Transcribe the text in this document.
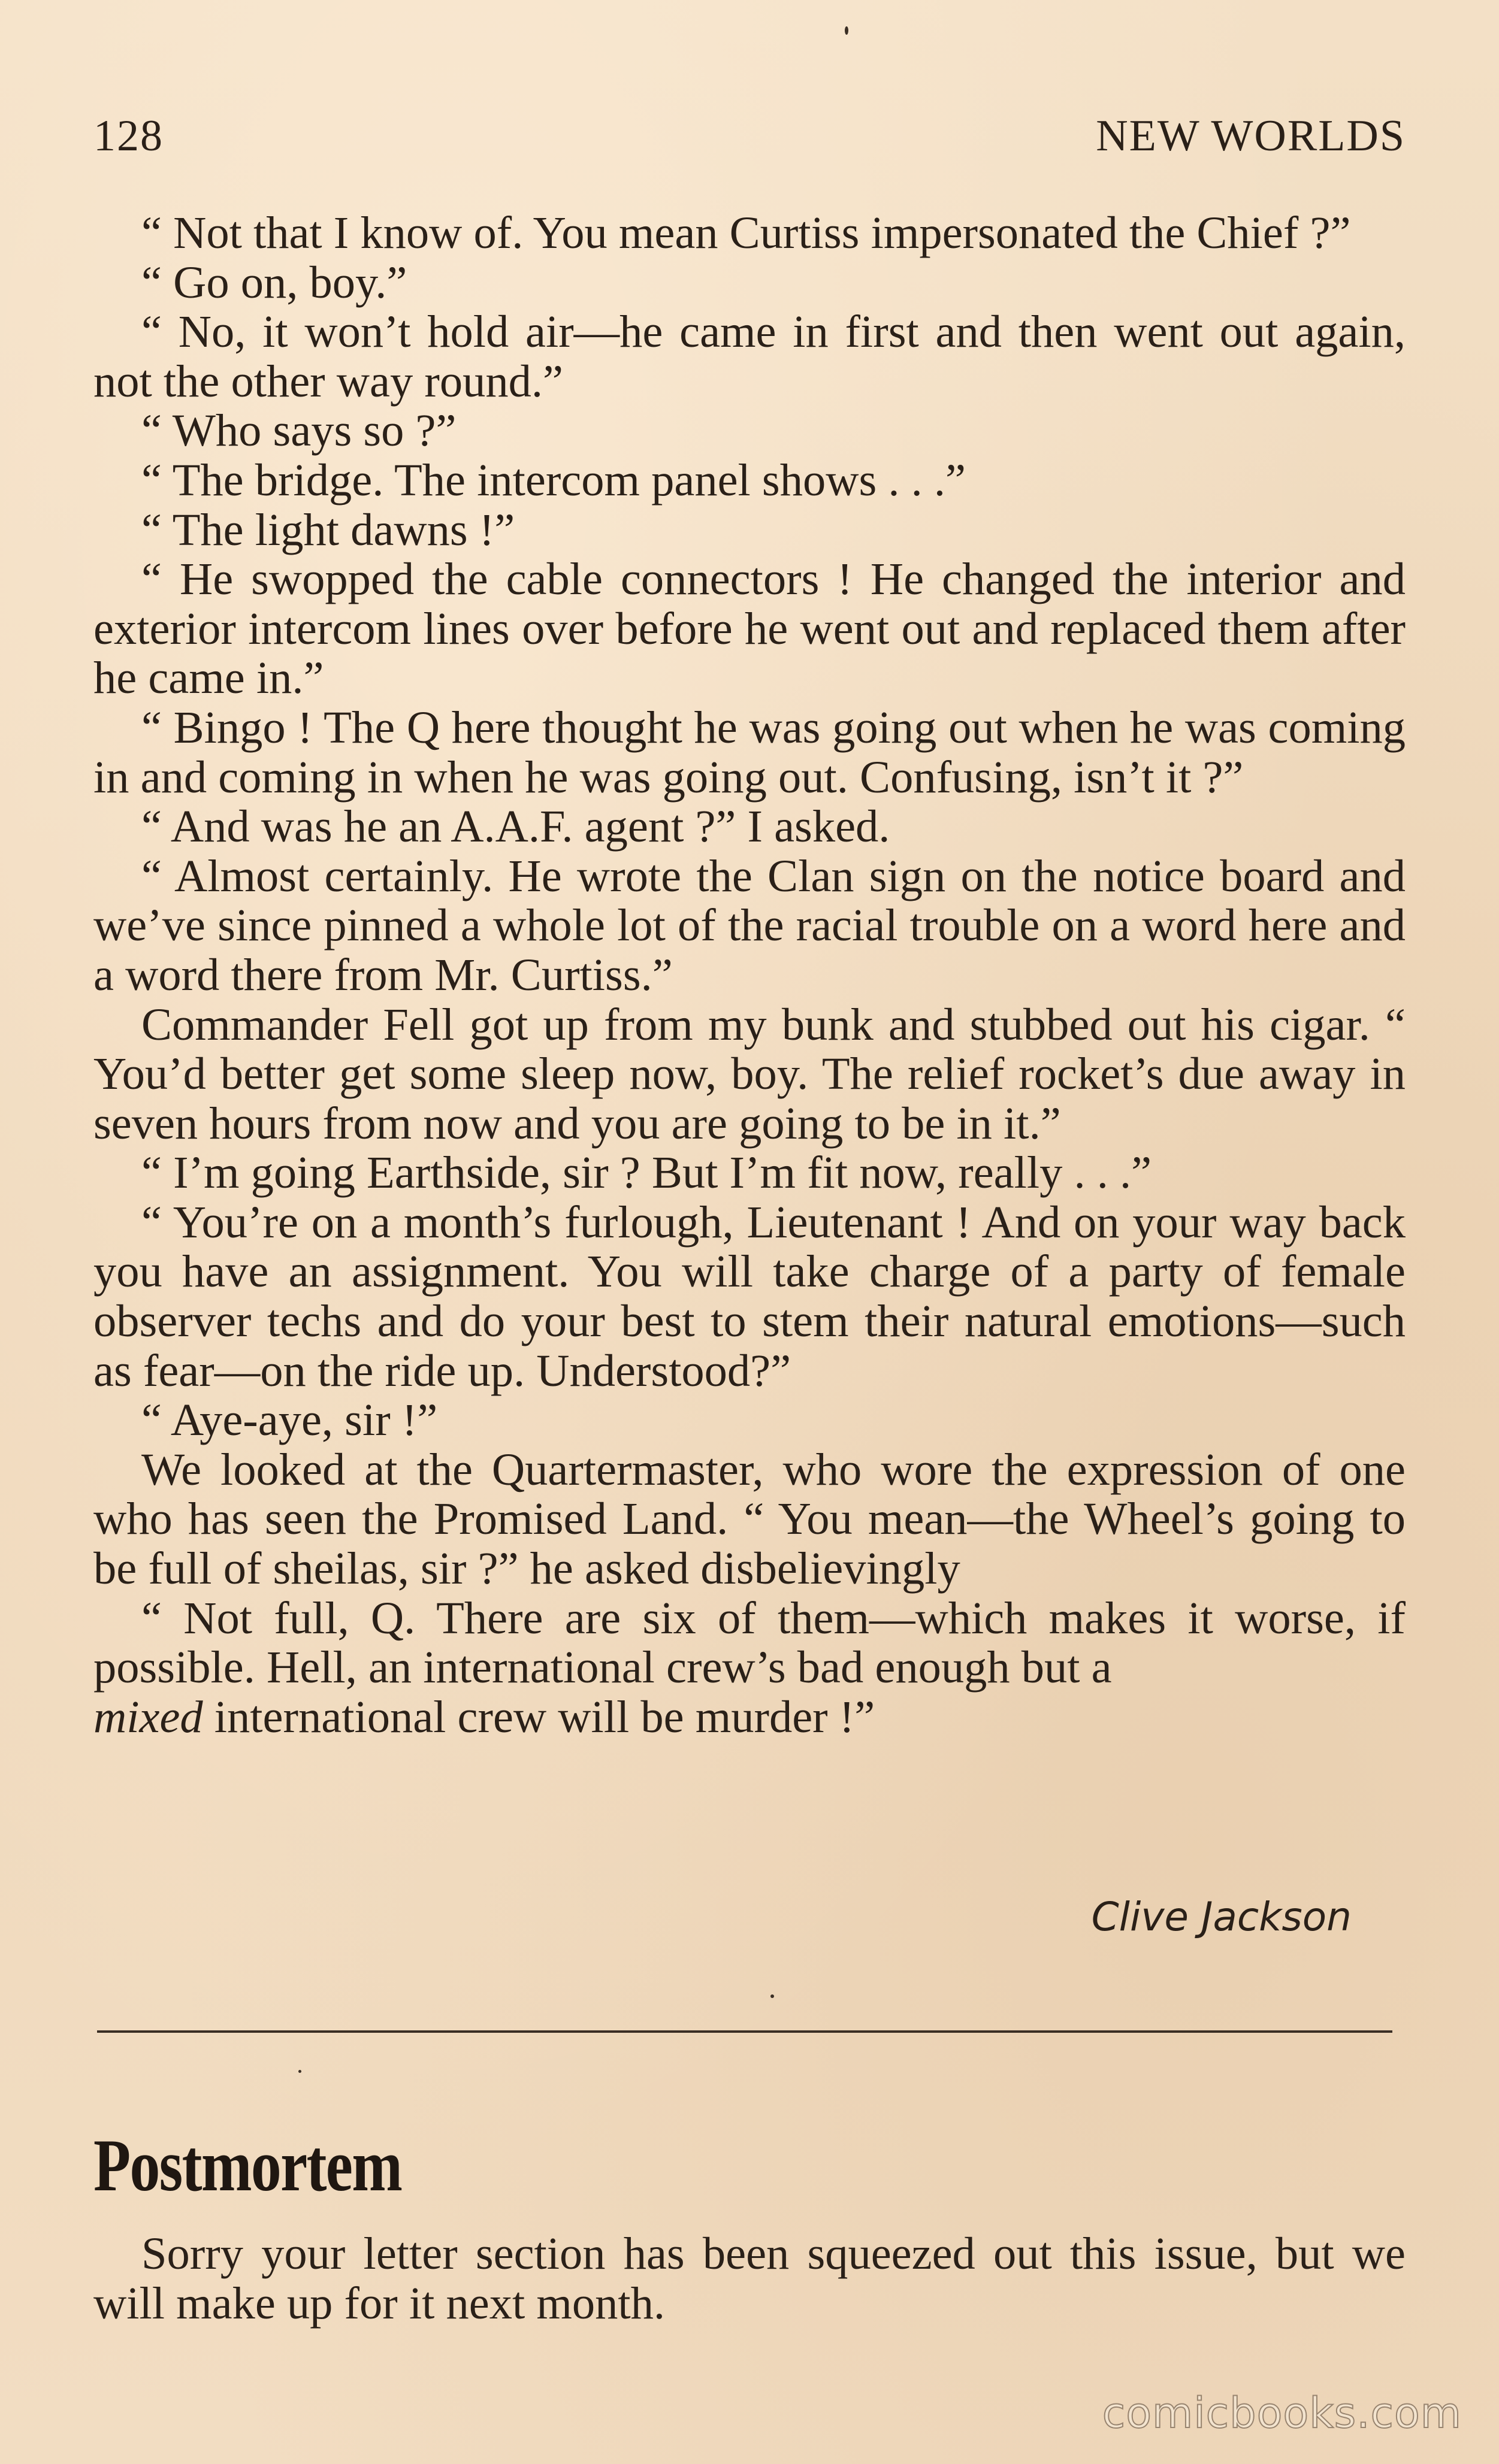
128	NEW WORLDS

“ Not that I know of. You mean Curtiss impersonated the Chief ?”

“ Go on, boy.”

“ No, it won’t hold air—he came in first and then went out again, not the other way round.”

“ Who says so ?”

“ The bridge. The intercom panel shows . . .”

“ The light dawns !”

“ He swopped the cable connectors ! He changed the interior and exterior intercom lines over before he went out and replaced them after he came in.”

“ Bingo ! The Q here thought he was going out when he was coming in and coming in when he was going out. Confusing, isn’t it ?”

“ And was he an A.A.F. agent ?” I asked.

“ Almost certainly. He wrote the Clan sign on the notice board and we’ve since pinned a whole lot of the racial trouble on a word here and a word there from Mr. Curtiss.”

Commander Fell got up from my bunk and stubbed out his cigar. “ You’d better get some sleep now, boy. The relief rocket’s due away in seven hours from now and you are going to be in it.”

“ I’m going Earthside, sir ? But I’m fit now, really . . .”

“ You’re on a month’s furlough, Lieutenant ! And on your way back you have an assignment. You will take charge of a party of female observer techs and do your best to stem their natural emotions—such as fear—on the ride up. Understood?”

“ Aye-aye, sir !”

We looked at the Quartermaster, who wore the expression of one who has seen the Promised Land. “ You mean—the Wheel’s going to be full of sheilas, sir ?” he asked disbelievingly

“ Not full, Q. There are six of them—which makes it worse, if possible. Hell, an international crew’s bad enough but a

mixed international crew will be murder !”

Clive Jackson
Postmortem

Sorry your letter section has been squeezed out this issue, but we will make up for it next month.

comicbooks.com
